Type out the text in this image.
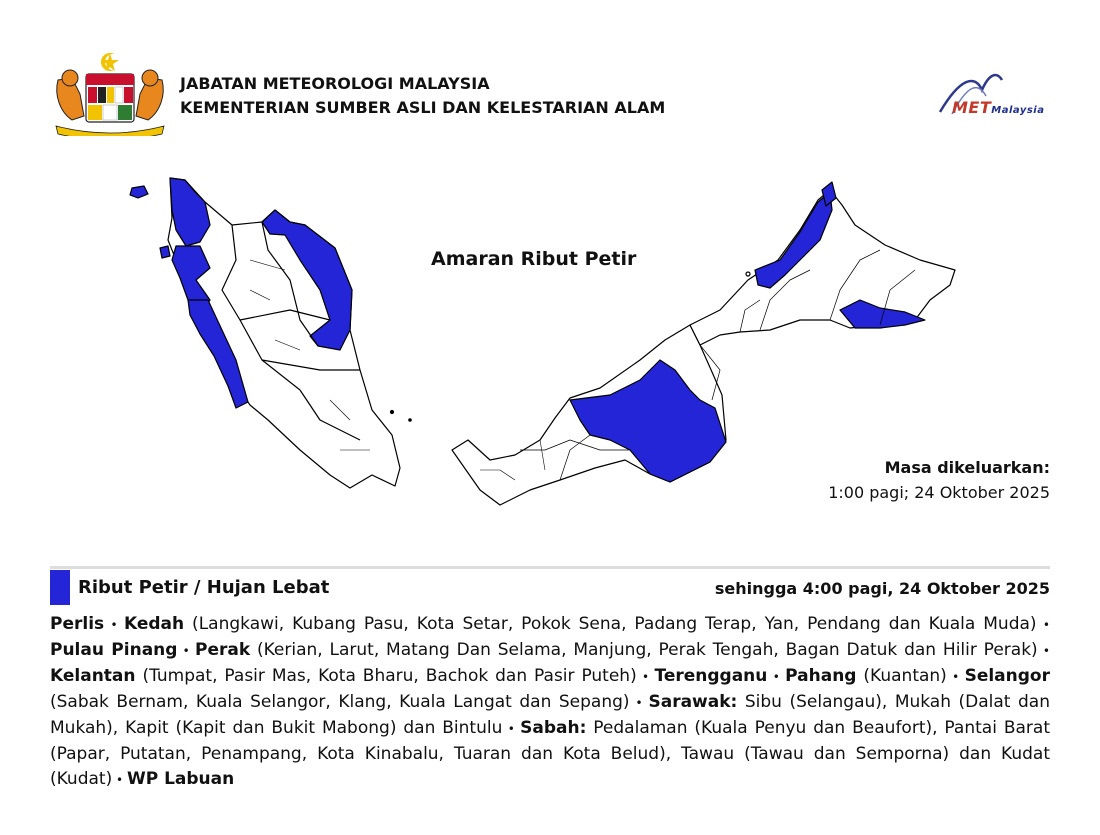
JABATAN METEOROLOGI MALAYSIA
KEMENTERIAN SUMBER ASLI DAN KELESTARIAN ALAM	METMalaysia
Amaran Ribut Petir
Masa dikeluarkan:
1:00 pagi; 24 Oktober 2025
Ribut Petir / Hujan Lebat	sehingga 4:00 pagi, 24 Oktober 2025
Perlis • Kedah (Langkawi, Kubang Pasu, Kota Setar, Pokok Sena, Padang Terap, Yan, Pendang dan Kuala Muda) • Pulau Pinang • Perak (Kerian, Larut, Matang Dan Selama, Manjung, Perak Tengah, Bagan Datuk dan Hilir Perak) • Kelantan (Tumpat, Pasir Mas, Kota Bharu, Bachok dan Pasir Puteh) • Terengganu • Pahang (Kuantan) • Selangor (Sabak Bernam, Kuala Selangor, Klang, Kuala Langat dan Sepang) • Sarawak: Sibu (Selangau), Mukah (Dalat dan Mukah), Kapit (Kapit dan Bukit Mabong) dan Bintulu • Sabah: Pedalaman (Kuala Penyu dan Beaufort), Pantai Barat (Papar, Putatan, Penampang, Kota Kinabalu, Tuaran dan Kota Belud), Tawau (Tawau dan Semporna) dan Kudat (Kudat) • WP Labuan
